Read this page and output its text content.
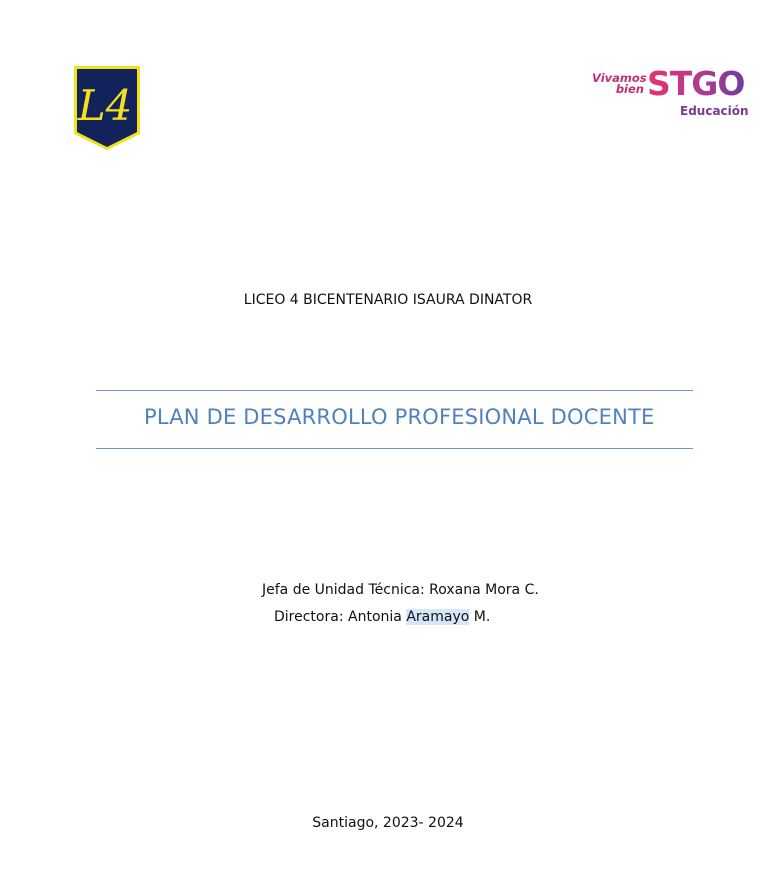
L4
Vivamos
bien STGO
Educación
LICEO 4 BICENTENARIO ISAURA DINATOR
PLAN DE DESARROLLO PROFESIONAL DOCENTE
Jefa de Unidad Técnica: Roxana Mora C.
Directora: Antonia Aramayo M.
Santiago, 2023- 2024
